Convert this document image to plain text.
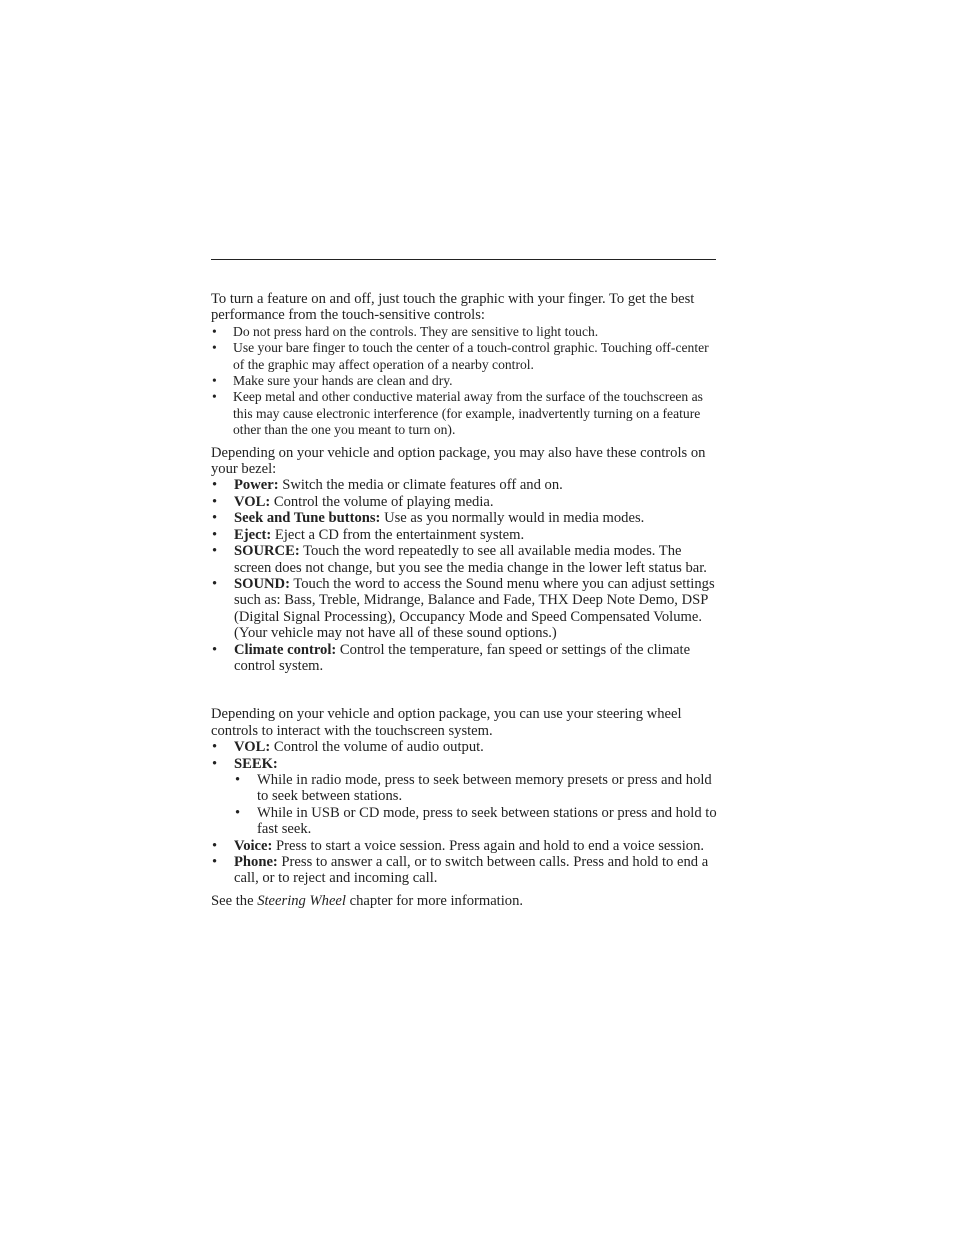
To turn a feature on and off, just touch the graphic with your finger. To get the best performance from the touch-sensitive controls:

• Do not press hard on the controls. They are sensitive to light touch.
• Use your bare finger to touch the center of a touch-control graphic. Touching off-center of the graphic may affect operation of a nearby control.
• Make sure your hands are clean and dry.
• Keep metal and other conductive material away from the surface of the touchscreen as this may cause electronic interference (for example, inadvertently turning on a feature other than the one you meant to turn on).

Depending on your vehicle and option package, you may also have these controls on your bezel:

• Power: Switch the media or climate features off and on.
• VOL: Control the volume of playing media.
• Seek and Tune buttons: Use as you normally would in media modes.
• Eject: Eject a CD from the entertainment system.
• SOURCE: Touch the word repeatedly to see all available media modes. The screen does not change, but you see the media change in the lower left status bar.
• SOUND: Touch the word to access the Sound menu where you can adjust settings such as: Bass, Treble, Midrange, Balance and Fade, THX Deep Note Demo, DSP (Digital Signal Processing), Occupancy Mode and Speed Compensated Volume. (Your vehicle may not have all of these sound options.)
• Climate control: Control the temperature, fan speed or settings of the climate control system.

Depending on your vehicle and option package, you can use your steering wheel controls to interact with the touchscreen system.

• VOL: Control the volume of audio output.
• SEEK:
• While in radio mode, press to seek between memory presets or press and hold to seek between stations.
• While in USB or CD mode, press to seek between stations or press and hold to fast seek.
• Voice: Press to start a voice session. Press again and hold to end a voice session.
• Phone: Press to answer a call, or to switch between calls. Press and hold to end a call, or to reject and incoming call.

See the Steering Wheel chapter for more information.
